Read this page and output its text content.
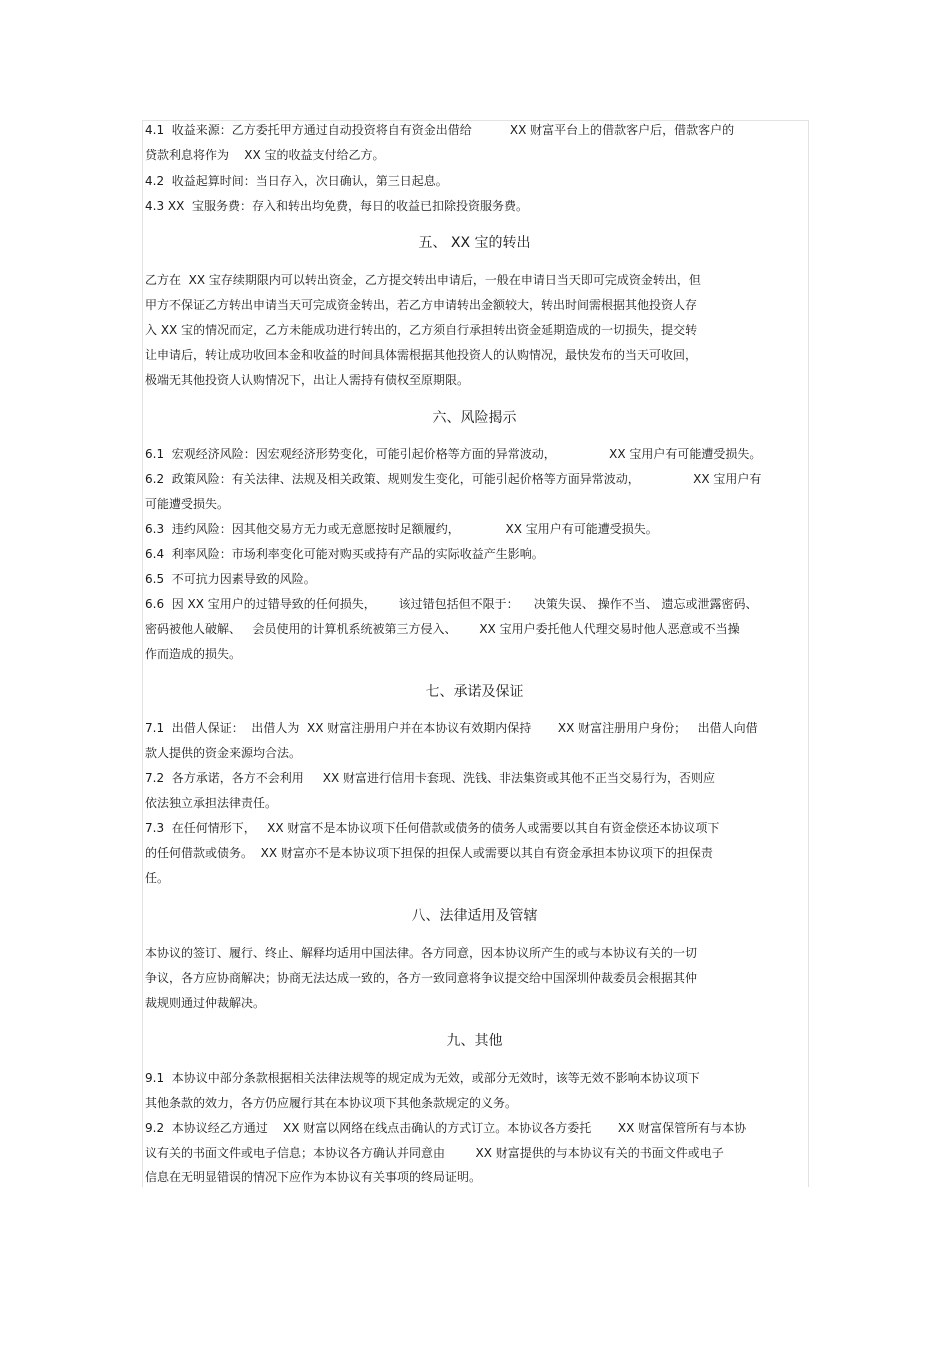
4.1  收益来源：乙方委托甲方通过自动投资将自有资金出借给          XX 财富平台上的借款客户后，借款客户的
贷款利息将作为    XX 宝的收益支付给乙方。
4.2  收益起算时间：当日存入，次日确认，第三日起息。
4.3 XX  宝服务费：存入和转出均免费，每日的收益已扣除投资服务费。
五、 XX 宝的转出
乙方在  XX 宝存续期限内可以转出资金，乙方提交转出申请后，一般在申请日当天即可完成资金转出，但
甲方不保证乙方转出申请当天可完成资金转出，若乙方申请转出金额较大，转出时间需根据其他投资人存
入 XX 宝的情况而定，乙方未能成功进行转出的，乙方须自行承担转出资金延期造成的一切损失，提交转
让申请后，转让成功收回本金和收益的时间具体需根据其他投资人的认购情况，最快发布的当天可收回，
极端无其他投资人认购情况下，出让人需持有债权至原期限。
六、风险揭示
6.1  宏观经济风险：因宏观经济形势变化，可能引起价格等方面的异常波动，              XX 宝用户有可能遭受损失。
6.2  政策风险：有关法律、法规及相关政策、规则发生变化，可能引起价格等方面异常波动，              XX 宝用户有
可能遭受损失。
6.3  违约风险：因其他交易方无力或无意愿按时足额履约，            XX 宝用户有可能遭受损失。
6.4  利率风险：市场利率变化可能对购买或持有产品的实际收益产生影响。
6.5  不可抗力因素导致的风险。
6.6  因 XX 宝用户的过错导致的任何损失，      该过错包括但不限于：    决策失误、 操作不当、 遗忘或泄露密码、
密码被他人破解、   会员使用的计算机系统被第三方侵入、      XX 宝用户委托他人代理交易时他人恶意或不当操
作而造成的损失。
七、承诺及保证
7.1  出借人保证：  出借人为  XX 财富注册用户并在本协议有效期内保持       XX 财富注册用户身份；   出借人向借
款人提供的资金来源均合法。
7.2  各方承诺，各方不会利用     XX 财富进行信用卡套现、洗钱、非法集资或其他不正当交易行为，否则应
依法独立承担法律责任。
7.3  在任何情形下，   XX 财富不是本协议项下任何借款或债务的债务人或需要以其自有资金偿还本协议项下
的任何借款或债务。  XX 财富亦不是本协议项下担保的担保人或需要以其自有资金承担本协议项下的担保责
任。
八、法律适用及管辖
本协议的签订、履行、终止、解释均适用中国法律。各方同意，因本协议所产生的或与本协议有关的一切
争议，各方应协商解决；协商无法达成一致的，各方一致同意将争议提交给中国深圳仲裁委员会根据其仲
裁规则通过仲裁解决。
九、其他
9.1  本协议中部分条款根据相关法律法规等的规定成为无效，或部分无效时，该等无效不影响本协议项下
其他条款的效力，各方仍应履行其在本协议项下其他条款规定的义务。
9.2  本协议经乙方通过    XX 财富以网络在线点击确认的方式订立。本协议各方委托       XX 财富保管所有与本协
议有关的书面文件或电子信息；本协议各方确认并同意由        XX 财富提供的与本协议有关的书面文件或电子
信息在无明显错误的情况下应作为本协议有关事项的终局证明。
